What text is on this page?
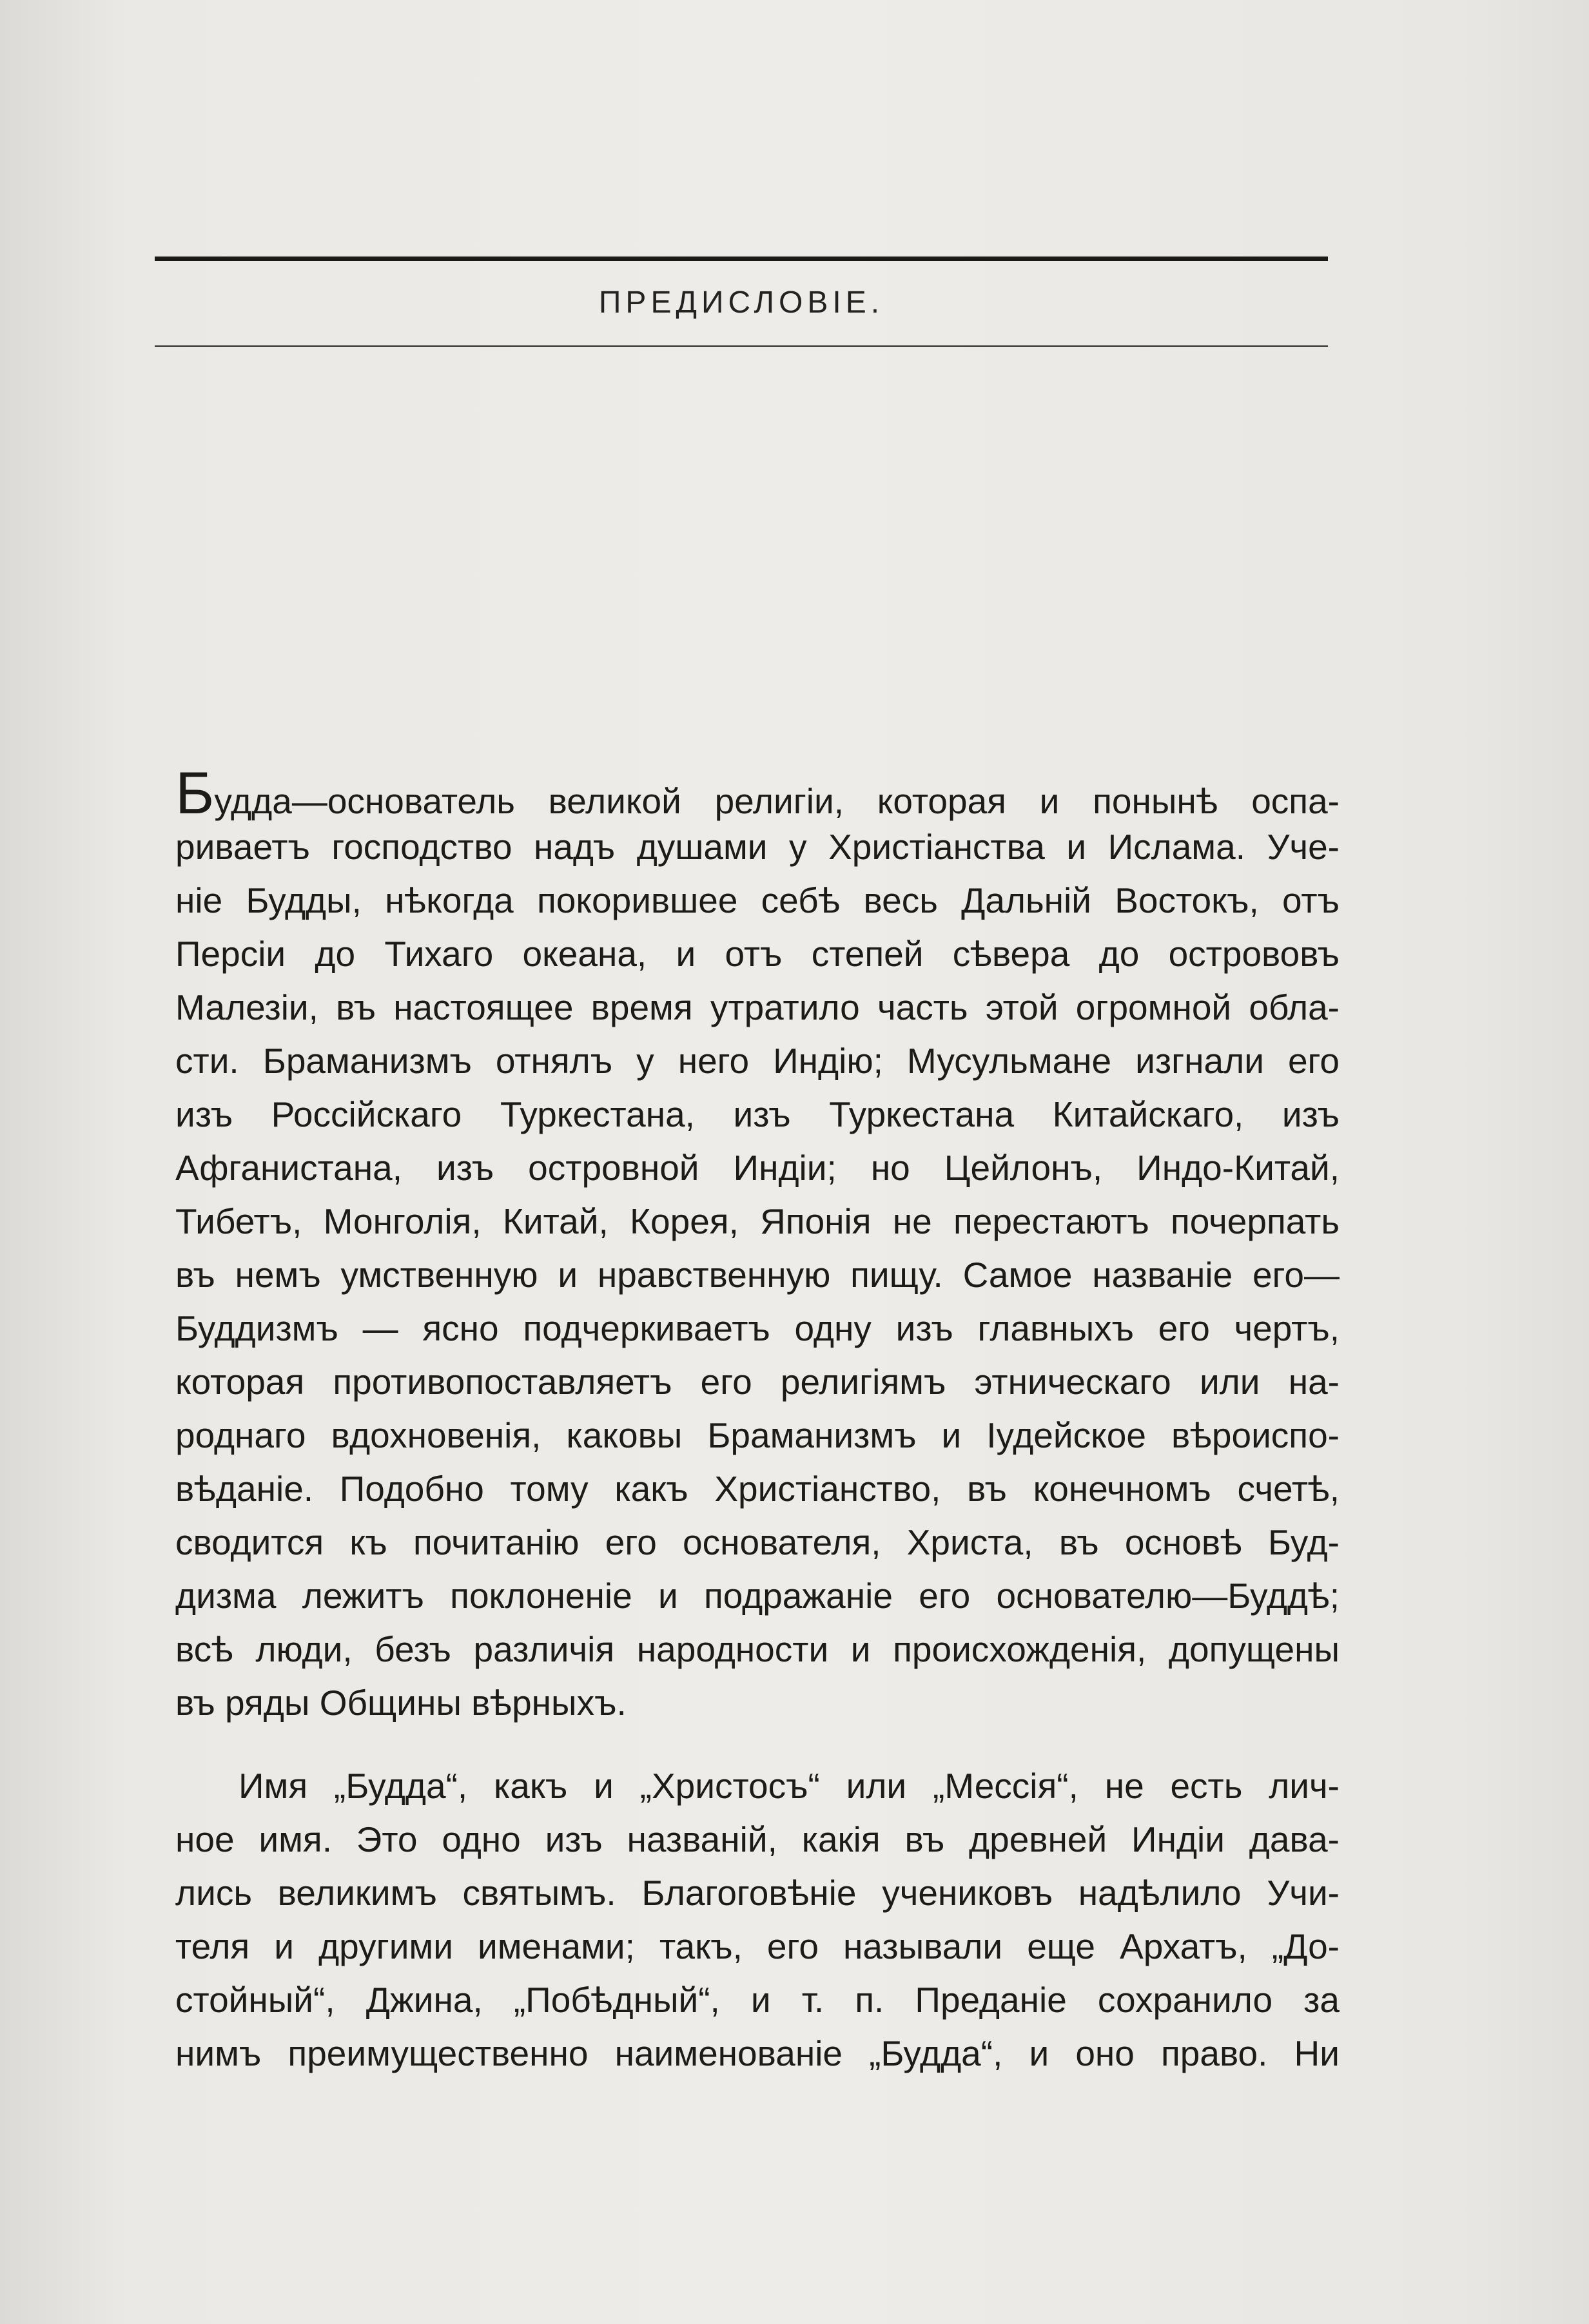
ПРЕДИСЛОВІЕ.
Будда—основатель великой религіи, которая и понынѣ оспа-
риваетъ господство надъ душами у Христіанства и Ислама. Уче-
ніе Будды, нѣкогда покорившее себѣ весь Дальній Востокъ, отъ
Персіи до Тихаго океана, и отъ степей сѣвера до острововъ
Малезіи, въ настоящее время утратило часть этой огромной обла-
сти. Браманизмъ отнялъ у него Индію; Мусульмане изгнали его
изъ Россійскаго Туркестана, изъ Туркестана Китайскаго, изъ
Афганистана, изъ островной Индіи; но Цейлонъ, Индо-Китай,
Тибетъ, Монголія, Китай, Корея, Японія не перестаютъ почерпать
въ немъ умственную и нравственную пищу. Самое названіе его—
Буддизмъ — ясно подчеркиваетъ одну изъ главныхъ его чертъ,
которая противопоставляетъ его религіямъ этническаго или на-
роднаго вдохновенія, каковы Браманизмъ и Іудейское вѣроиспо-
вѣданіе. Подобно тому какъ Христіанство, въ конечномъ счетѣ,
сводится къ почитанію его основателя, Христа, въ основѣ Буд-
дизма лежитъ поклоненіе и подражаніе его основателю—Буддѣ;
всѣ люди, безъ различія народности и происхожденія, допущены
въ ряды Общины вѣрныхъ.
Имя „Будда“, какъ и „Христосъ“ или „Мессія“, не есть лич-
ное имя. Это одно изъ названій, какія въ древней Индіи дава-
лись великимъ святымъ. Благоговѣніе учениковъ надѣлило Учи-
теля и другими именами; такъ, его называли еще Архатъ, „До-
стойный“, Джина, „Побѣдный“, и т. п. Преданіе сохранило за
нимъ преимущественно наименованіе „Будда“, и оно право. Ни
